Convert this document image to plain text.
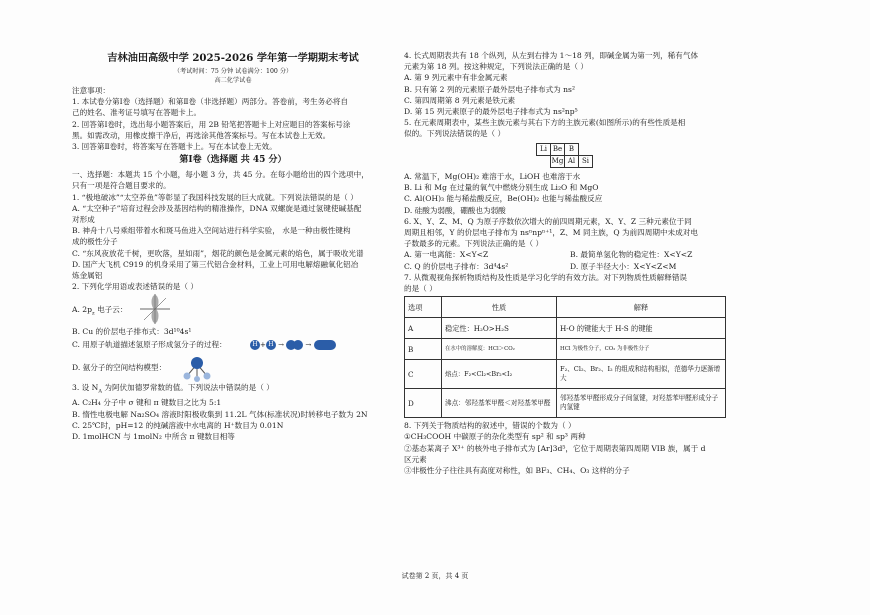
吉林油田高级中学 2025-2026 学年第一学期期末考试
（考试时间：75 分钟 试卷满分：100 分）
高二化学试卷

注意事项：

1. 本试卷分第Ⅰ卷（选择题）和第Ⅱ卷（非选择题）两部分。答卷前，考生务必将自

己的姓名、准考证号填写在答题卡上。

2. 回答第Ⅰ卷时，选出每小题答案后，用 2B 铅笔把答题卡上对应题目的答案标号涂

黑。如需改动，用橡皮擦干净后，再选涂其他答案标号。写在本试卷上无效。

3. 回答第Ⅱ卷时，将答案写在答题卡上。写在本试卷上无效。

第Ⅰ卷（选择题 共 45 分）

一、选择题：本题共 15 个小题，每小题 3 分，共 45 分。在每小题给出的四个选项中，

只有一项是符合题目要求的。

1. “极地破冰”“太空养鱼”等彰显了我国科技发展的巨大成就。下列说法错误的是（ ）

A. “太空种子”培育过程会涉及基因结构的精准操作，DNA 双螺旋是通过氢键使碱基配

对形成

B. 神舟十八号乘组带着水和斑马鱼进入空间站进行科学实验， 水是一种由极性键构

成的极性分子

C. “东风夜放花千树，更吹落，星如雨”，烟花的颜色是金属元素的焰色，属于吸收光谱

D. 国产大飞机 C919 的机身采用了第三代铝合金材料，工业上可用电解熔融氧化铝冶

炼金属铝

2. 下列化学用语或表述错误的是（ ）

A. $2p_z$ 电子云：

B. Cu 的价层电子排布式：3d¹⁰4s¹

C. 用原子轨道描述氢原子形成氢分子的过程：	H + H →  →
D. 氨分子的空间结构模型：

3. 设 $N_A$ 为阿伏加德罗常数的值。下列说法中错误的是（ ）

A. C₂H₄ 分子中 σ 键和 π 键数目之比为 5:1

B. 惰性电极电解 Na₂SO₄ 溶液时阳极收集到 11.2L 气体(标准状况)时转移电子数为 2N

C. 25℃时，pH=12 的纯碱溶液中水电离的 H⁺数目为 0.01N

D. 1molHCN 与 1molN₂ 中所含 π 键数目相等

4. 长式周期表共有 18 个纵列，从左到右排为 1～18 列，即碱金属为第一列，稀有气体

元素为第 18 列。按这种规定，下列说法正确的是（ ）

A. 第 9 列元素中有非金属元素

B. 只有第 2 列的元素原子最外层电子排布式为 ns²

C. 第四周期第 8 列元素是铁元素

D. 第 15 列元素原子的最外层电子排布式为 ns²np⁵

5. 在元素周期表中，某些主族元素与其右下方的主族元素(如图所示)的有些性质是相

似的。下列说法错误的是（ ）

Li	Be	B	
	Mg	Al	Si

A. 常温下，Mg(OH)₂ 难溶于水，LiOH 也难溶于水

B. Li 和 Mg 在过量的氧气中燃烧分别生成 Li₂O 和 MgO

C. Al(OH)₃ 能与稀盐酸反应，Be(OH)₂ 也能与稀盐酸反应

D. 硅酸为弱酸，硼酸也为弱酸

6. X、Y、Z、M、Q 为原子序数依次增大的前四周期元素，X、Y、Z 三种元素位于同

周期且相邻，Y 的价层电子排布为 nsⁿnpⁿ⁺¹，Z、M 同主族，Q 为前四周期中未成对电

子数最多的元素。下列说法正确的是（ ）

A. 第一电离能：X<Y<Z	B. 最简单氢化物的稳定性：X<Y<Z
C. Q 的价层电子排布：3d⁴4s²	D. 原子半径大小：X<Y<Z<M

7. 从微观视角探析物质结构及性质是学习化学的有效方法。对下列物质性质解释错误

的是（ ）

选项	性质	解释
A	稳定性：H₂O>H₂S	H-O 的键能大于 H-S 的键能
B	在水中的溶解度：HCl＞CO₂	HCl 为极性分子，CO₂ 为非极性分子
C	熔点：F₂<Cl₂<Br₂<I₂	F₂、Cl₂、Br₂、I₂ 的组成和结构相似，范德华力逐渐增大
D	沸点：邻羟基苯甲醛＜对羟基苯甲醛	邻羟基苯甲醛形成分子间氢键，对羟基苯甲醛形成分子内氢键

8. 下列关于物质结构的叙述中，错误的个数为（ ）

①CH₃COOH 中碳原子的杂化类型有 sp² 和 sp³ 两种

②基态某离子 X³⁺ 的核外电子排布式为 [Ar]3d⁵，它位于周期表第四周期 VIB 族，属于 d

区元素

③非极性分子往往具有高度对称性，如 BF₃、CH₄、O₃ 这样的分子

试卷第 2 页，共 4 页
